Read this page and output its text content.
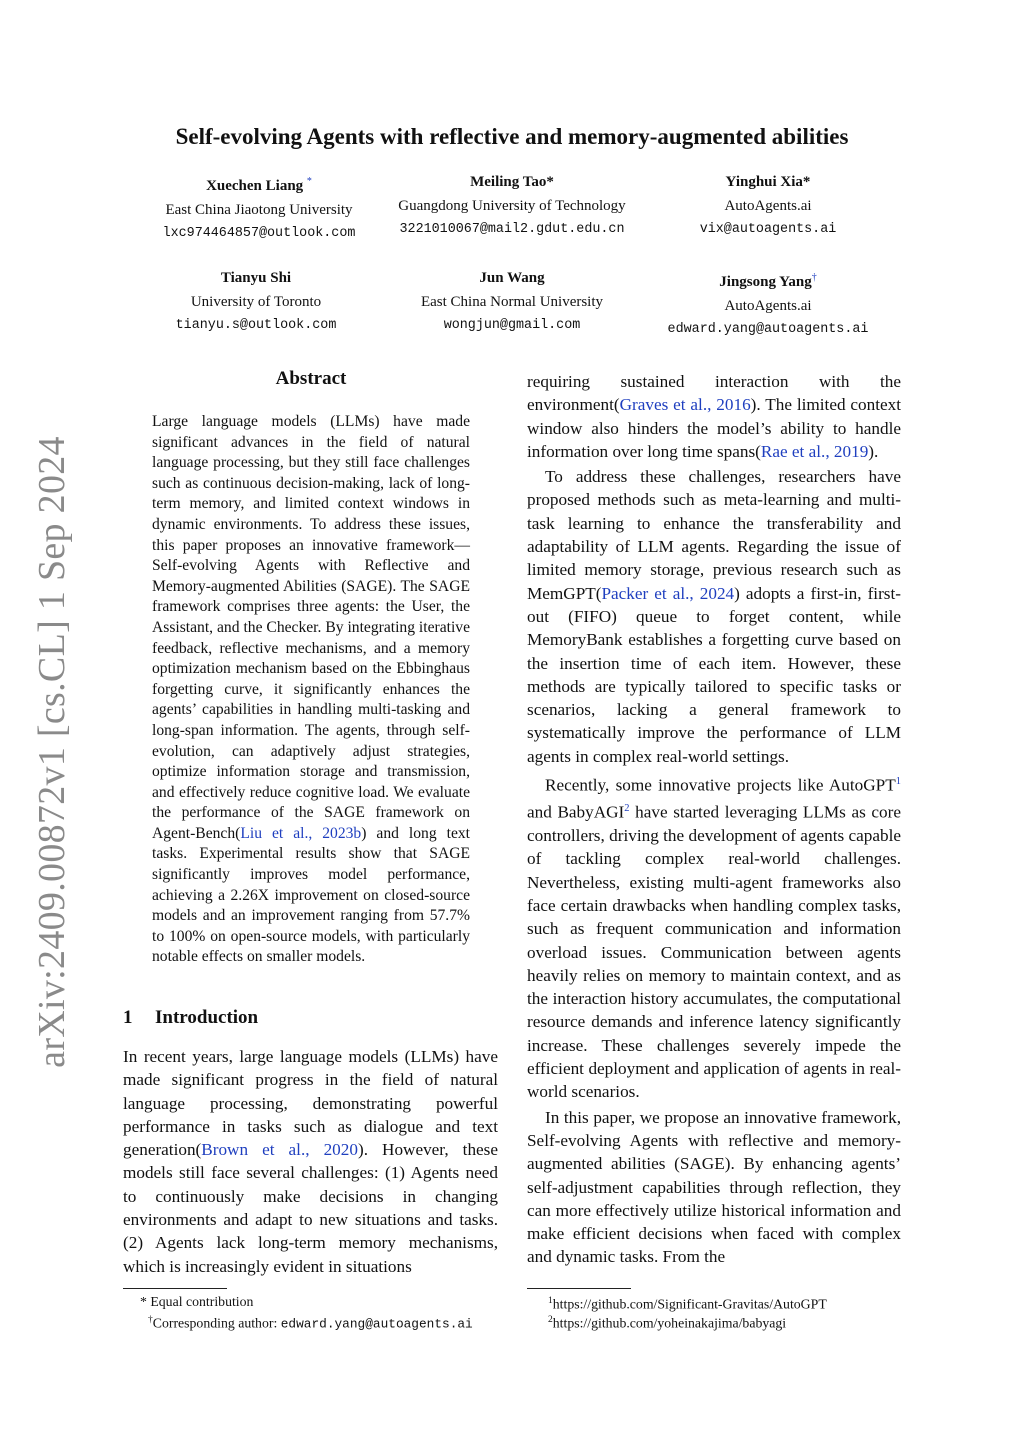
arXiv:2409.00872v1 [cs.CL] 1 Sep 2024
Self-evolving Agents with reflective and memory-augmented abilities
Xuechen Liang *
East China Jiaotong University
lxc974464857@outlook.com
Meiling Tao*
Guangdong University of Technology
3221010067@mail2.gdut.edu.cn
Yinghui Xia*
AutoAgents.ai
vix@autoagents.ai
Tianyu Shi
University of Toronto
tianyu.s@outlook.com
Jun Wang
East China Normal University
wongjun@gmail.com
Jingsong Yang†
AutoAgents.ai
edward.yang@autoagents.ai
Abstract
Large language models (LLMs) have made significant advances in the field of natural language processing, but they still face challenges such as continuous decision-making, lack of long-term memory, and limited context windows in dynamic environments. To address these issues, this paper proposes an innovative framework—Self-evolving Agents with Reflective and Memory-augmented Abilities (SAGE). The SAGE framework comprises three agents: the User, the Assistant, and the Checker. By integrating iterative feedback, reflective mechanisms, and a memory optimization mechanism based on the Ebbinghaus forgetting curve, it significantly enhances the agents’ capabilities in handling multi-tasking and long-span information. The agents, through self-evolution, can adaptively adjust strategies, optimize information storage and transmission, and effectively reduce cognitive load. We evaluate the performance of the SAGE framework on Agent-Bench(Liu et al., 2023b) and long text tasks. Experimental results show that SAGE significantly improves model performance, achieving a 2.26X improvement on closed-source models and an improvement ranging from 57.7% to 100% on open-source models, with particularly notable effects on smaller models.
1 Introduction

In recent years, large language models (LLMs) have made significant progress in the field of natural language processing, demonstrating powerful performance in tasks such as dialogue and text generation(Brown et al., 2020). However, these models still face several challenges: (1) Agents need to continuously make decisions in changing environments and adapt to new situations and tasks. (2) Agents lack long-term memory mechanisms, which is increasingly evident in situations

requiring sustained interaction with the environment(Graves et al., 2016). The limited context window also hinders the model’s ability to handle information over long time spans(Rae et al., 2019).

To address these challenges, researchers have proposed methods such as meta-learning and multi-task learning to enhance the transferability and adaptability of LLM agents. Regarding the issue of limited memory storage, previous research such as MemGPT(Packer et al., 2024) adopts a first-in, first-out (FIFO) queue to forget content, while MemoryBank establishes a forgetting curve based on the insertion time of each item. However, these methods are typically tailored to specific tasks or scenarios, lacking a general framework to systematically improve the performance of LLM agents in complex real-world settings.

Recently, some innovative projects like AutoGPT$^1$ and BabyAGI$^2$ have started leveraging LLMs as core controllers, driving the development of agents capable of tackling complex real-world challenges. Nevertheless, existing multi-agent frameworks also face certain drawbacks when handling complex tasks, such as frequent communication and information overload issues. Communication between agents heavily relies on memory to maintain context, and as the interaction history accumulates, the computational resource demands and inference latency significantly increase. These challenges severely impede the efficient deployment and application of agents in real-world scenarios.

In this paper, we propose an innovative framework, Self-evolving Agents with reflective and memory-augmented abilities (SAGE). By enhancing agents’ self-adjustment capabilities through reflection, they can more effectively utilize historical information and make efficient decisions when faced with complex and dynamic tasks. From the

* Equal contribution
†Corresponding author: edward.yang@autoagents.ai
$^1$https://github.com/Significant-Gravitas/AutoGPT
$^2$https://github.com/yoheinakajima/babyagi
